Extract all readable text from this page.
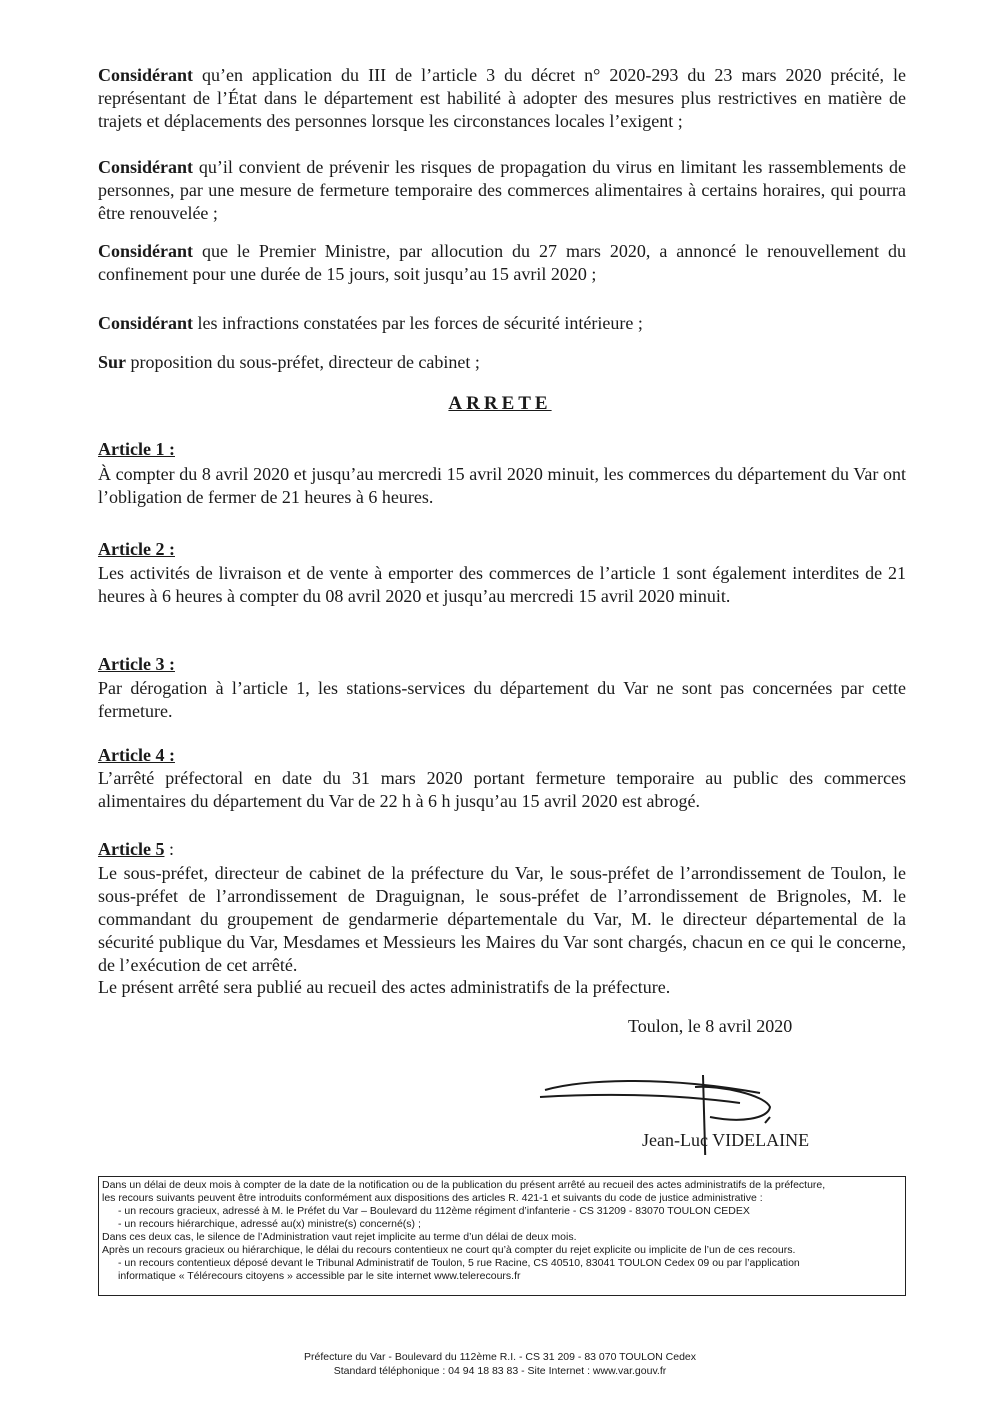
Considérant qu’en application du III de l’article 3 du décret n° 2020-293 du 23 mars 2020 précité, le représentant de l’État dans le département est habilité à adopter des mesures plus restrictives en matière de trajets et déplacements des personnes lorsque les circonstances locales l’exigent ;

Considérant qu’il convient de prévenir les risques de propagation du virus en limitant les rassemblements de personnes, par une mesure de fermeture temporaire des commerces alimentaires à certains horaires, qui pourra être renouvelée ;

Considérant que le Premier Ministre, par allocution du 27 mars 2020, a annoncé le renouvellement du confinement pour une durée de 15 jours, soit jusqu’au 15 avril 2020 ;

Considérant les infractions constatées par les forces de sécurité intérieure ;

Sur proposition du sous-préfet, directeur de cabinet ;

ARRETE
Article 1 :

À compter du 8 avril 2020 et jusqu’au mercredi 15 avril 2020 minuit, les commerces du département du Var ont l’obligation de fermer de 21 heures à 6 heures.

Article 2 :

Les activités de livraison et de vente à emporter des commerces de l’article 1 sont également interdites de 21 heures à 6 heures à compter du 08 avril 2020 et jusqu’au mercredi 15 avril 2020 minuit.

Article 3 :

Par dérogation à l’article 1, les stations-services du département du Var ne sont pas concernées par cette fermeture.

Article 4 :

L’arrêté préfectoral en date du 31 mars 2020 portant fermeture temporaire au public des commerces alimentaires du département du Var de 22 h à 6 h jusqu’au 15 avril 2020 est abrogé.

Article 5 :

Le sous-préfet, directeur de cabinet de la préfecture du Var, le sous-préfet de l’arrondissement de Toulon, le sous-préfet de l’arrondissement de Draguignan, le sous-préfet de l’arrondissement de Brignoles, M. le commandant du groupement de gendarmerie départementale du Var, M. le directeur départemental de la sécurité publique du Var, Mesdames et Messieurs les Maires du Var sont chargés, chacun en ce qui le concerne, de l’exécution de cet arrêté.

Le présent arrêté sera publié au recueil des actes administratifs de la préfecture.

Toulon, le 8 avril 2020
Jean-Luc VIDELAINE
Dans un délai de deux mois à compter de la date de la notification ou de la publication du présent arrêté au recueil des actes administratifs de la préfecture,
les recours suivants peuvent être introduits conformément aux dispositions des articles R. 421-1 et suivants du code de justice administrative :
- un recours gracieux, adressé à M. le Préfet du Var – Boulevard du 112ème régiment d’infanterie - CS 31209 - 83070 TOULON CEDEX
- un recours hiérarchique, adressé au(x) ministre(s) concerné(s) ;
Dans ces deux cas, le silence de l’Administration vaut rejet implicite au terme d’un délai de deux mois.
Après un recours gracieux ou hiérarchique, le délai du recours contentieux ne court qu’à compter du rejet explicite ou implicite de l’un de ces recours.
- un recours contentieux déposé devant le Tribunal Administratif de Toulon, 5 rue Racine, CS 40510, 83041 TOULON Cedex 09 ou par l’application
informatique « Télérecours citoyens » accessible par le site internet www.telerecours.fr
Préfecture du Var - Boulevard du 112ème R.I. - CS 31 209 - 83 070 TOULON Cedex
Standard téléphonique : 04 94 18 83 83 - Site Internet : www.var.gouv.fr
